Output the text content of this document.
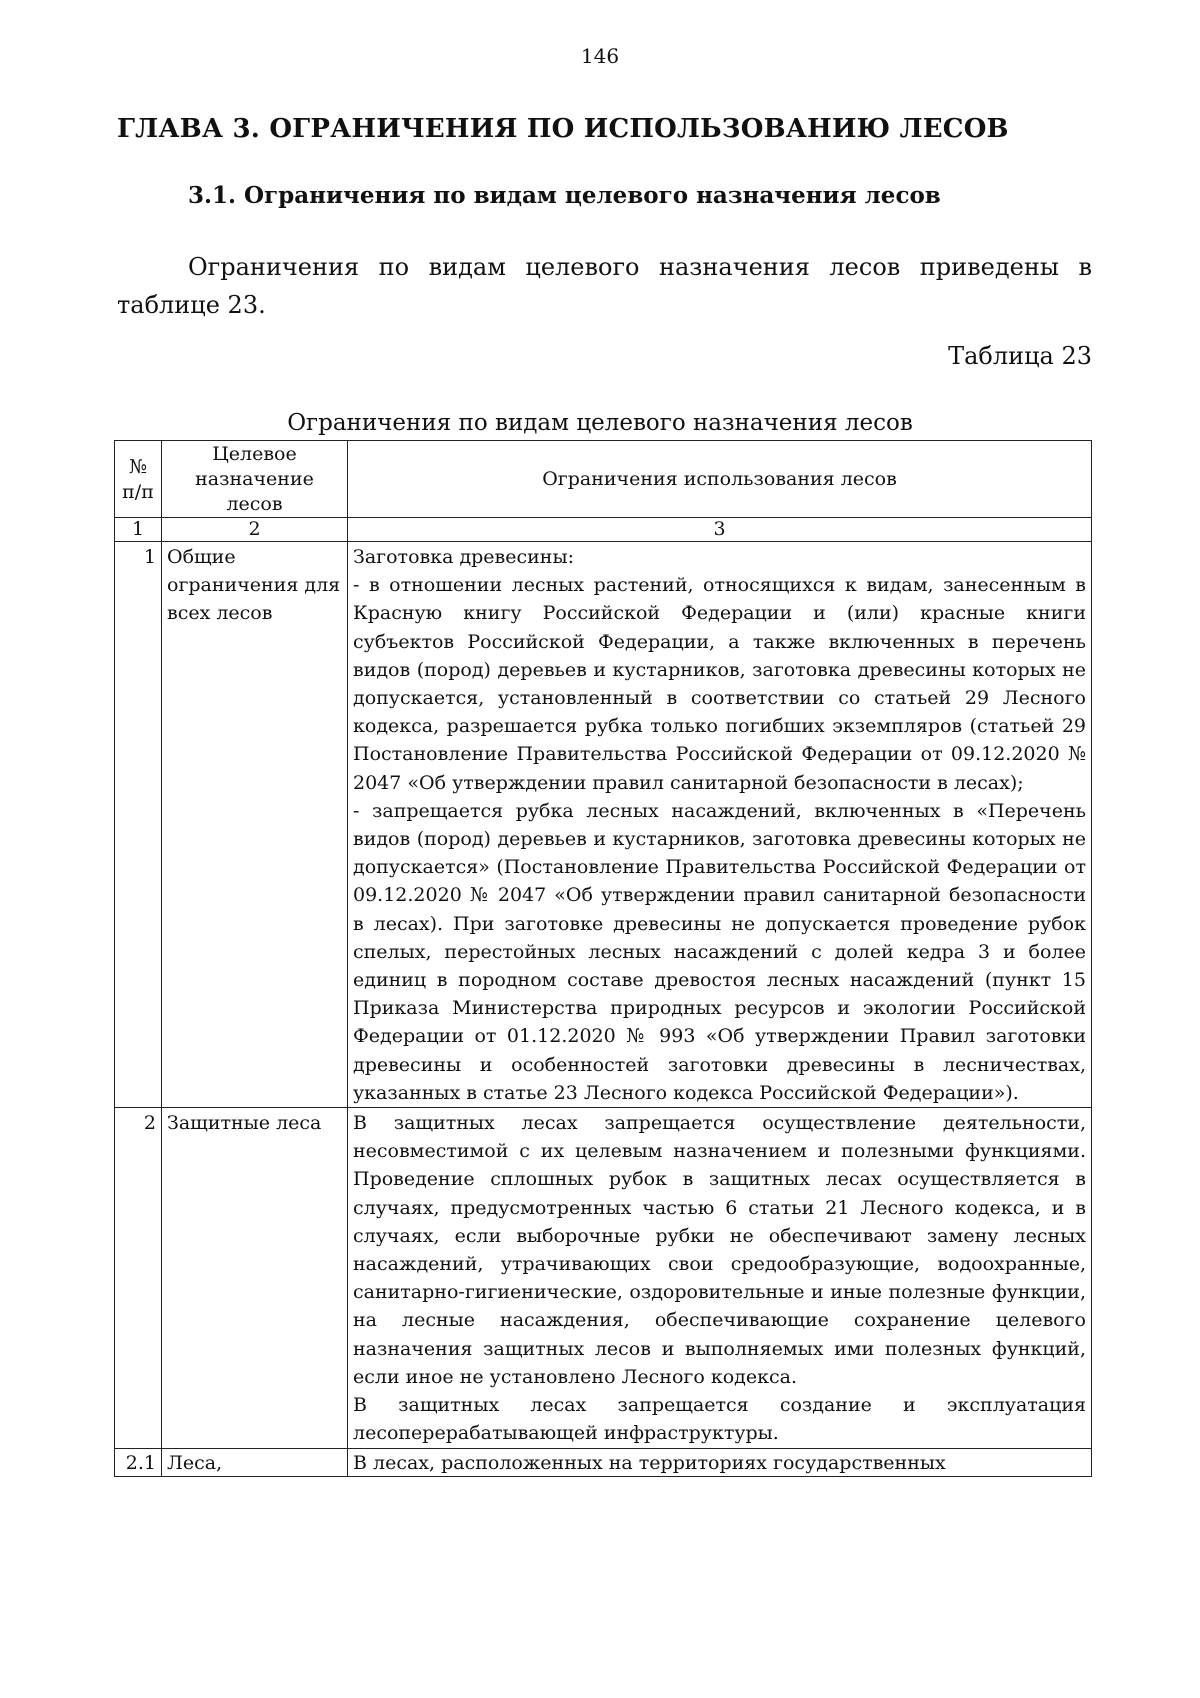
146
ГЛАВА 3. ОГРАНИЧЕНИЯ ПО ИСПОЛЬЗОВАНИЮ ЛЕСОВ
3.1. Ограничения по видам целевого назначения лесов

Ограничения по видам целевого назначения лесов приведены в таблице 23.

Таблица 23
Ограничения по видам целевого назначения лесов
№ п/п	Целевое назначение лесов	Ограничения использования лесов
1	2	3
1	Общие ограничения для всех лесов	Заготовка древесины:

- в отношении лесных растений, относящихся к видам, занесенным в Красную книгу Российской Федерации и (или) красные книги субъектов Российской Федерации, а также включенных в перечень видов (пород) деревьев и кустарников, заготовка древесины которых не допускается, установленный в соответствии со статьей 29 Лесного кодекса, разрешается рубка только погибших экземпляров (статьей 29 Постановление Правительства Российской Федерации от 09.12.2020 № 2047 «Об утверждении правил санитарной безопасности в лесах);

- запрещается рубка лесных насаждений, включенных в «Перечень видов (пород) деревьев и кустарников, заготовка древесины которых не допускается» (Постановление Правительства Российской Федерации от 09.12.2020 № 2047 «Об утверждении правил санитарной безопасности в лесах). При заготовке древесины не допускается проведение рубок спелых, перестойных лесных насаждений с долей кедра 3 и более единиц в породном составе древостоя лесных насаждений (пункт 15 Приказа Министерства природных ресурсов и экологии Российской Федерации от 01.12.2020 № 993 «Об утверждении Правил заготовки древесины и особенностей заготовки древесины в лесничествах, указанных в статье 23 Лесного кодекса Российской Федерации»).

2	Защитные леса	В защитных лесах запрещается осуществление деятельности, несовместимой с их целевым назначением и полезными функциями. Проведение сплошных рубок в защитных лесах осуществляется в случаях, предусмотренных частью 6 статьи 21 Лесного кодекса, и в случаях, если выборочные рубки не обеспечивают замену лесных насаждений, утрачивающих свои средообразующие, водоохранные, санитарно-гигиенические, оздоровительные и иные полезные функции, на лесные насаждения, обеспечивающие сохранение целевого назначения защитных лесов и выполняемых ими полезных функций, если иное не установлено Лесного кодекса.

В защитных лесах запрещается создание и эксплуатация лесоперерабатывающей инфраструктуры.

2.1	Леса,	В лесах, расположенных на территориях государственных
